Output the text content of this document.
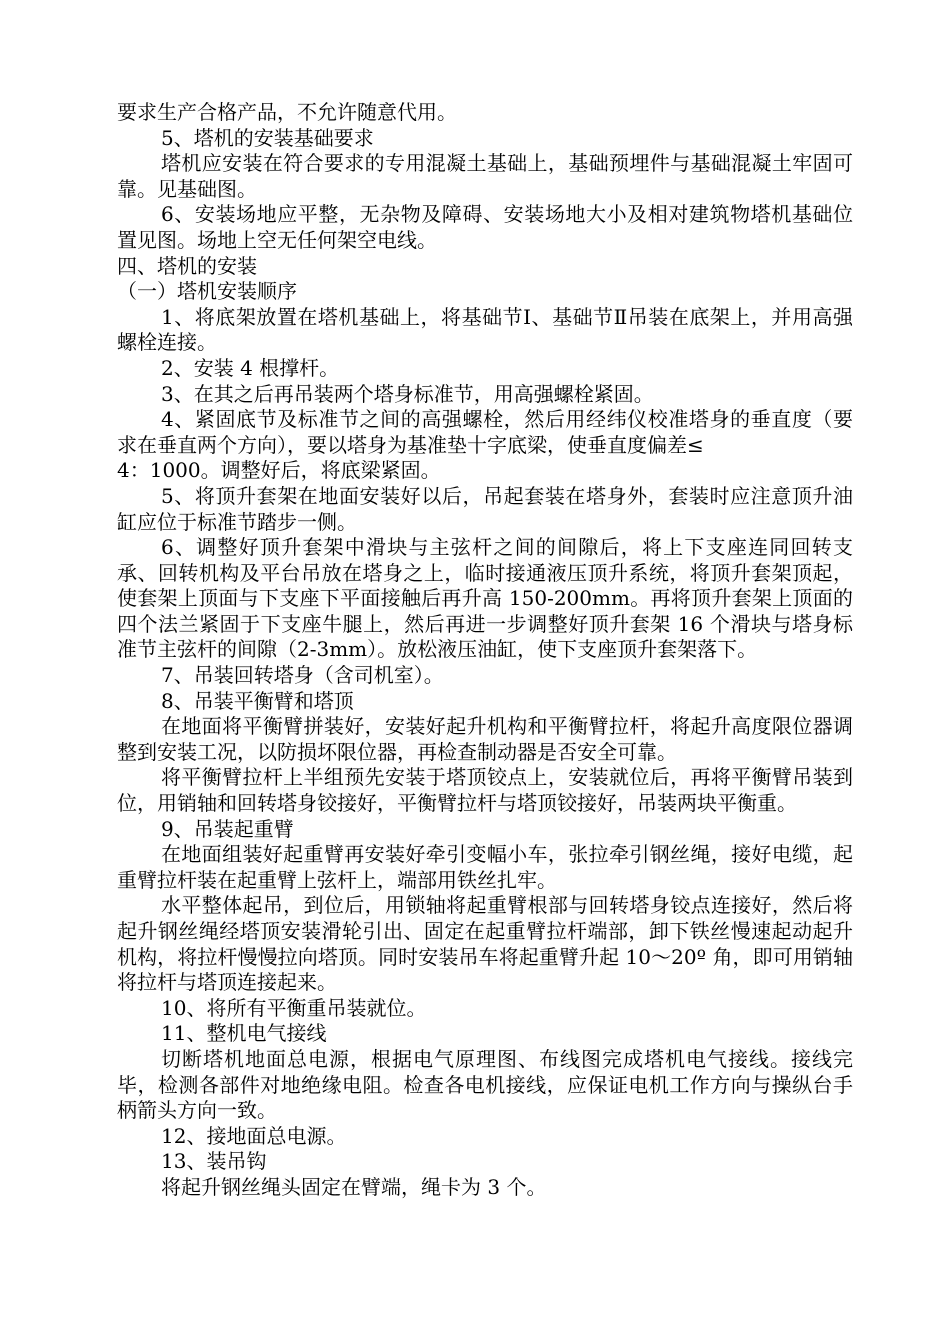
要求生产合格产品，不允许随意代用。

5、塔机的安装基础要求

塔机应安装在符合要求的专用混凝土基础上，基础预埋件与基础混凝土牢固可靠。见基础图。

6、安装场地应平整，无杂物及障碍、安装场地大小及相对建筑物塔机基础位置见图。场地上空无任何架空电线。

四、塔机的安装

（一）塔机安装顺序

1、将底架放置在塔机基础上，将基础节Ⅰ、基础节Ⅱ吊装在底架上，并用高强螺栓连接。

2、安装 4 根撑杆。

3、在其之后再吊装两个塔身标准节，用高强螺栓紧固。

4、紧固底节及标准节之间的高强螺栓，然后用经纬仪校准塔身的垂直度（要求在垂直两个方向），要以塔身为基准垫十字底梁，使垂直度偏差≤

4：1000。调整好后，将底梁紧固。

5、将顶升套架在地面安装好以后，吊起套装在塔身外，套装时应注意顶升油缸应位于标准节踏步一侧。

6、调整好顶升套架中滑块与主弦杆之间的间隙后，将上下支座连同回转支承、回转机构及平台吊放在塔身之上，临时接通液压顶升系统，将顶升套架顶起，使套架上顶面与下支座下平面接触后再升高 150-200mm。再将顶升套架上顶面的四个法兰紧固于下支座牛腿上，然后再进一步调整好顶升套架 16 个滑块与塔身标准节主弦杆的间隙（2-3mm）。放松液压油缸，使下支座顶升套架落下。

7、吊装回转塔身（含司机室）。

8、吊装平衡臂和塔顶

在地面将平衡臂拼装好，安装好起升机构和平衡臂拉杆，将起升高度限位器调整到安装工况，以防损坏限位器，再检查制动器是否安全可靠。

将平衡臂拉杆上半组预先安装于塔顶铰点上，安装就位后，再将平衡臂吊装到位，用销轴和回转塔身铰接好，平衡臂拉杆与塔顶铰接好，吊装两块平衡重。

9、吊装起重臂

在地面组装好起重臂再安装好牵引变幅小车，张拉牵引钢丝绳，接好电缆，起重臂拉杆装在起重臂上弦杆上，端部用铁丝扎牢。

水平整体起吊，到位后，用锁轴将起重臂根部与回转塔身铰点连接好，然后将起升钢丝绳经塔顶安装滑轮引出、固定在起重臂拉杆端部，卸下铁丝慢速起动起升机构，将拉杆慢慢拉向塔顶。同时安装吊车将起重臂升起 10～20º 角，即可用销轴将拉杆与塔顶连接起来。

10、将所有平衡重吊装就位。

11、整机电气接线

切断塔机地面总电源，根据电气原理图、布线图完成塔机电气接线。接线完毕，检测各部件对地绝缘电阻。检查各电机接线，应保证电机工作方向与操纵台手柄箭头方向一致。

12、接地面总电源。

13、装吊钩

将起升钢丝绳头固定在臂端，绳卡为 3 个。
